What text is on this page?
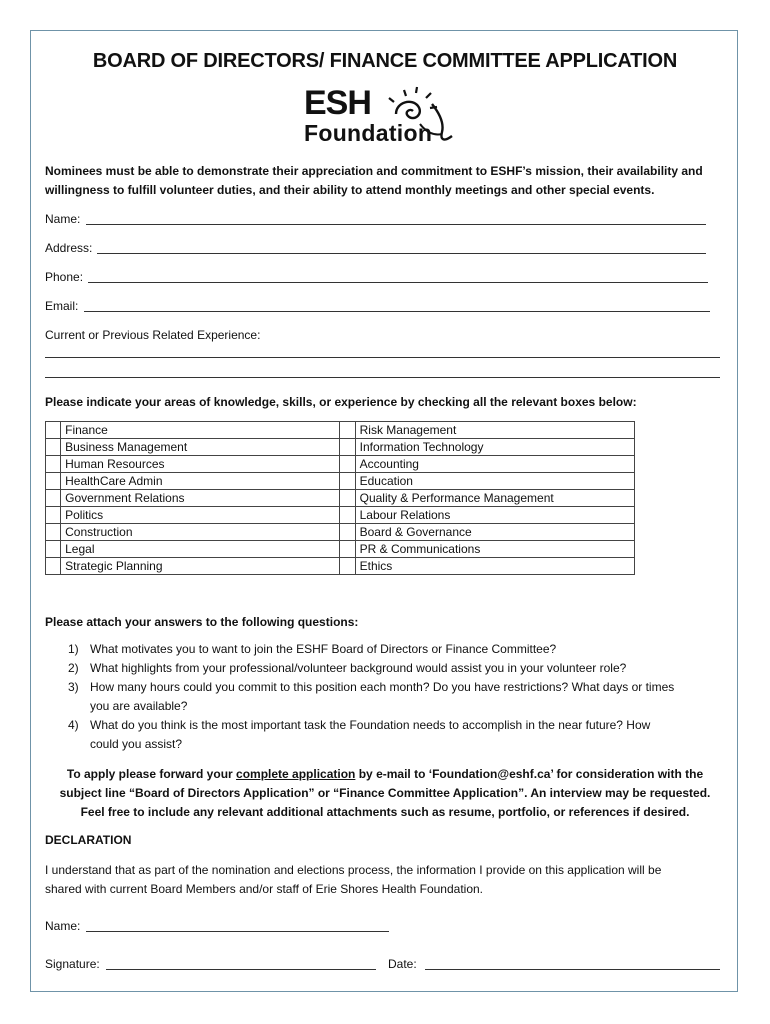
BOARD OF DIRECTORS/ FINANCE COMMITTEE APPLICATION
ESH
Foundation
Nominees must be able to demonstrate their appreciation and commitment to ESHF’s mission, their availability and
willingness to fulfill volunteer duties, and their ability to attend monthly meetings and other special events.
Name:
Address:
Phone:
Email:
Current or Previous Related Experience:
Please indicate your areas of knowledge, skills, or experience by checking all the relevant boxes below:
	Finance		Risk Management
	Business Management		Information Technology
	Human Resources		Accounting
	HealthCare Admin		Education
	Government Relations		Quality & Performance Management
	Politics		Labour Relations
	Construction		Board & Governance
	Legal		PR & Communications
	Strategic Planning		Ethics
Please attach your answers to the following questions:
1) What motivates you to want to join the ESHF Board of Directors or Finance Committee?
2) What highlights from your professional/volunteer background would assist you in your volunteer role?
3) How many hours could you commit to this position each month? Do you have restrictions? What days or times
you are available?
4) What do you think is the most important task the Foundation needs to accomplish in the near future? How
could you assist?
To apply please forward your complete application by e-mail to ‘Foundation@eshf.ca’ for consideration with the
subject line “Board of Directors Application” or “Finance Committee Application”. An interview may be requested.
Feel free to include any relevant additional attachments such as resume, portfolio, or references if desired.
DECLARATION
I understand that as part of the nomination and elections process, the information I provide on this application will be
shared with current Board Members and/or staff of Erie Shores Health Foundation.
Name:
Signature:	Date:
